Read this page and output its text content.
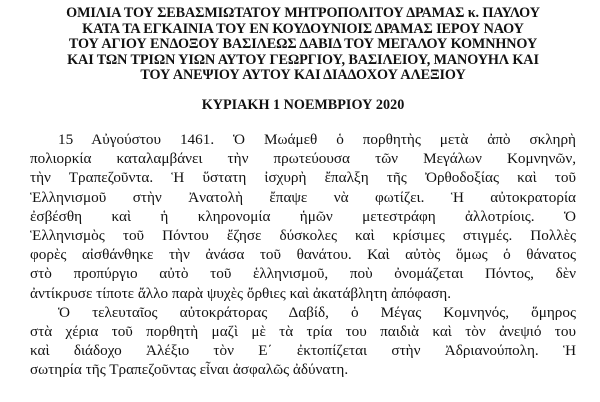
ΟΜΙΛΙΑ ΤΟΥ ΣΕΒΑΣΜΙΩΤΑΤΟΥ ΜΗΤΡΟΠΟΛΙΤΟΥ ΔΡΑΜΑΣ κ. ΠΑΥΛΟΥ
ΚΑΤΑ ΤΑ ΕΓΚΑΙΝΙΑ ΤΟΥ ΕΝ ΚΟΥΔΟΥΝΙΟΙΣ ΔΡΑΜΑΣ ΙΕΡΟΥ ΝΑΟΥ
ΤΟΥ ΑΓΙΟΥ ΕΝΔΟΞΟΥ ΒΑΣΙΛΕΩΣ ΔΑΒΙΔ ΤΟΥ ΜΕΓΑΛΟΥ ΚΟΜΝΗΝΟΥ
ΚΑΙ ΤΩΝ ΤΡΙΩΝ ΥΙΩΝ ΑΥΤΟΥ ΓΕΩΡΓΙΟΥ, ΒΑΣΙΛΕΙΟΥ, ΜΑΝΟΥΗΛ ΚΑΙ
ΤΟΥ ΑΝΕΨΙΟΥ ΑΥΤΟΥ ΚΑΙ ΔΙΑΔΟΧΟΥ ΑΛΕΞΙΟΥ
ΚΥΡΙΑΚΗ 1 ΝΟΕΜΒΡΙΟΥ 2020

15 Αὐγούστου 1461. Ὁ Μωάμεθ ὁ πορθητὴς μετὰ ἀπὸ σκληρὴ
πολιορκία καταλαμβάνει τὴν πρωτεύουσα τῶν Μεγάλων Κομνηνῶν,
τὴν Τραπεζοῦντα. Ἡ ὕστατη ἰσχυρὴ ἔπαλξη τῆς Ὀρθοδοξίας καὶ τοῦ
Ἑλληνισμοῦ στὴν Ἀνατολὴ ἔπαψε νὰ φωτίζει. Ἡ αὐτοκρατορία
ἐσβέσθη καὶ ἡ κληρονομία ἡμῶν μετεστράφη ἀλλοτρίοις. Ὁ
Ἑλληνισμὸς τοῦ Πόντου ἔζησε δύσκολες καὶ κρίσιμες στιγμές. Πολλὲς
φορὲς αἰσθάνθηκε τὴν ἀνάσα τοῦ θανάτου. Καὶ αὐτὸς ὅμως ὁ θάνατος
στὸ προπύργιο αὐτὸ τοῦ ἑλληνισμοῦ, ποὺ ὀνομάζεται Πόντος, δὲν
ἀντίκρυσε τίποτε ἄλλο παρὰ ψυχὲς ὄρθιες καὶ ἀκατάβλητη ἀπόφαση.

Ὁ τελευταῖος αὐτοκράτορας Δαβίδ, ὁ Μέγας Κομνηνός, ὅμηρος
στὰ χέρια τοῦ πορθητὴ μαζὶ μὲ τὰ τρία του παιδιὰ καὶ τὸν ἀνεψιό του
καὶ διάδοχο Ἀλέξιο τὸν Ε΄ ἐκτοπίζεται στὴν Ἀδριανούπολη. Ἡ
σωτηρία τῆς Τραπεζοῦντας εἶναι ἀσφαλῶς ἀδύνατη.
